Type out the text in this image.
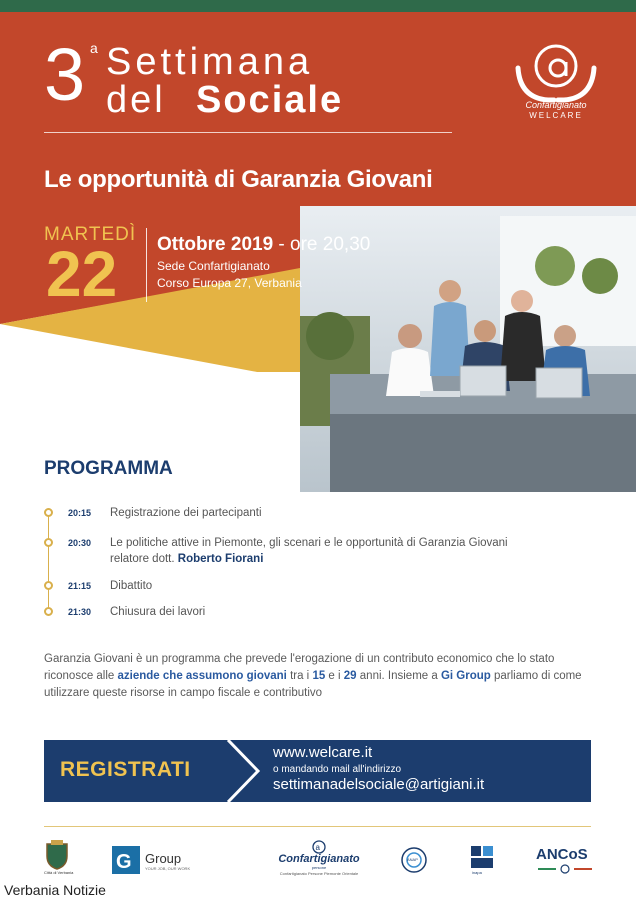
3 a Settimana
del Sociale	Confartigianato
WELCARE
Le opportunità di Garanzia Giovani
MARTEDÌ
22 Ottobre 2019 - ore 20,30
Sede Confartigianato
Corso Europa 27, Verbania
PROGRAMMA
20:15 Registrazione dei partecipanti
20:30 Le politiche attive in Piemonte, gli scenari e le opportunità di Garanzia Giovani
relatore dott. Roberto Fiorani
21:15 Dibattito
21:30 Chiusura dei lavori
Garanzia Giovani è un programma che prevede l'erogazione di un contributo economico che lo stato riconosce alle aziende che assumono giovani tra i 15 e i 29 anni. Insieme a Gi Group parliamo di come utilizzare queste risorse in campo fiscale e contributivo
REGISTRATI
www.welcare.it
o mandando mail all'indirizzo
settimanadelsociale@artigiani.it
Città di Verbania G Group
YOUR JOB, OUR WORK
a
Confartigianato
persone
Confartigianato Persone Piemonte Orientale
ANAP
inapa
ANCoS
Verbania Notizie
